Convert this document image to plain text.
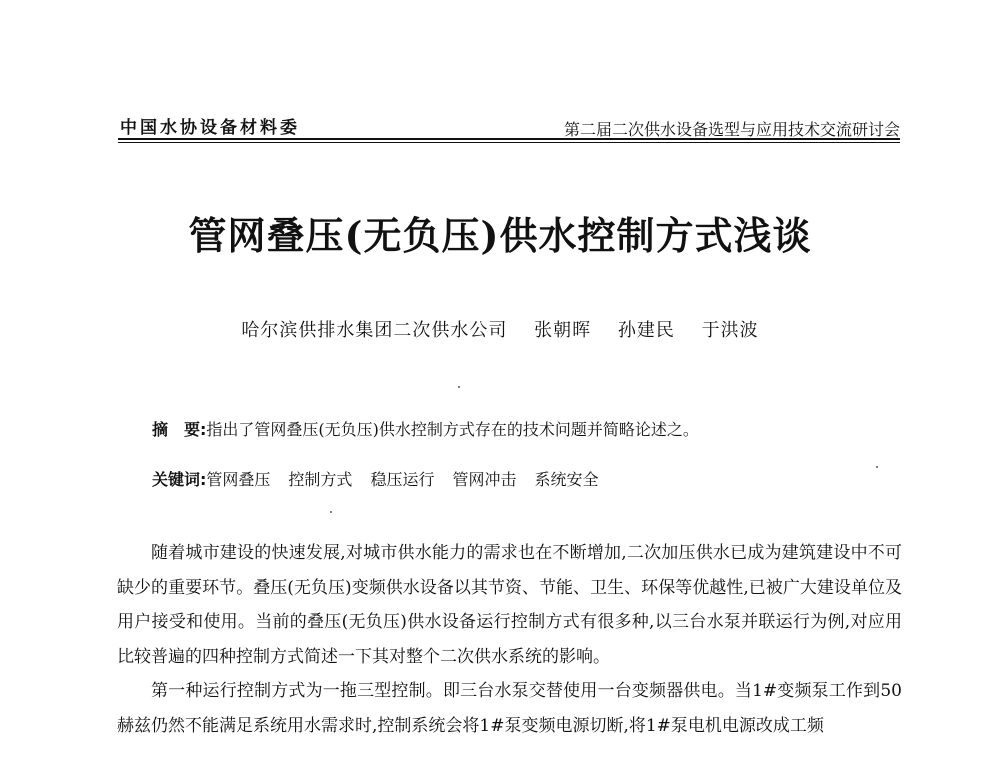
中国水协设备材料委	第二届二次供水设备选型与应用技术交流研讨会
管网叠压(无负压)供水控制方式浅谈
哈尔滨供排水集团二次供水公司 张朝晖 孙建民 于洪波
摘　要:指出了管网叠压(无负压)供水控制方式存在的技术问题并简略论述之。
关键词:管网叠压 控制方式 稳压运行 管网冲击 系统安全

随着城市建设的快速发展,对城市供水能力的需求也在不断增加,二次加压供水已成为建筑建设中不可缺少的重要环节。叠压(无负压)变频供水设备以其节资、节能、卫生、环保等优越性,已被广大建设单位及用户接受和使用。当前的叠压(无负压)供水设备运行控制方式有很多种,以三台水泵并联运行为例,对应用比较普遍的四种控制方式简述一下其对整个二次供水系统的影响。

第一种运行控制方式为一拖三型控制。即三台水泵交替使用一台变频器供电。当1#变频泵工作到50赫兹仍然不能满足系统用水需求时,控制系统会将1#泵变频电源切断,将1#泵电机电源改成工频
